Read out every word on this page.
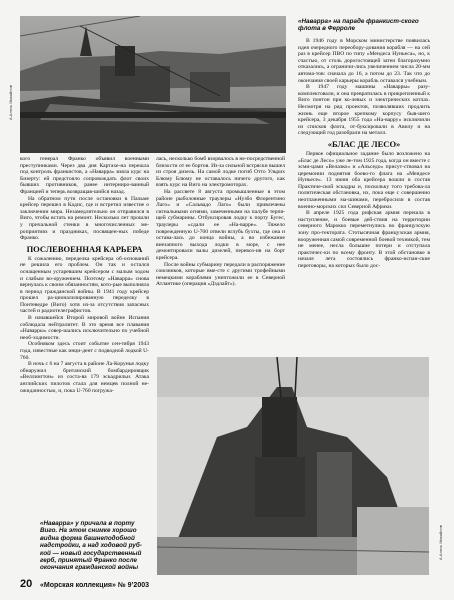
А.Алесь Михайлов
«Наварра» на параде франкист-ского флота в Ферроле

кого генерал Франко объявил военными преступниками. Через два дня Картахе-на перешла под контроль франкистов, а «Наварра» взяла курс на Бизерту: ей предстояло сопровождать флот своих бывших противников, ранее интерниро-ванный Францией и теперь возвращав-шийся назад.

На обратном пути после остановки в Пальме крейсер перешел в Кадис, где и встретил известие о заключении мира. Незамедлительно он отправился в Виго, чтобы встать на ремонт. Несколько лет прошли у причальной стенки в многочисленных ме-роприятиях и праздниках, посвящен-ных победе Франко.

ПОСЛЕВОЕННАЯ КАРЬЕРА

К сожалению, переделка крейсера об-оснований не решила его проблем. Он так и остался оснащенным устаревшим крейсером с малым ходом и слабым во-оружением. Поэтому «Наварра» снова вернулась к своим обязанностям, кото-рые выполняла в период гражданской войны. В 1941 году крейсер прошел ра-ционализированную переделку в Понтеведре (Виго) хотя из-за отсутствия запасных частей и радиотелеграфистов.

В начавшейся Второй мировой войне Испания соблюдала нейтралитет. В это время все плавания «Наварры» совер-шались исключительно по учебной необ-ходимости.

Особняком здесь стоит событие сен-тября 1943 года, известные как инци-дент с подводной лодкой U-760.

В ночь с 6 на 7 августа в районе Ла-Корунья лодку обнаружил британский бомбардировщик «Веллингтон» из соста-ва 179 эскадрильи. Атака английских пилотов стала для немцев полной не-ожиданностью, и, пока U-760 погружа-

лась, несколько бомб взорвалось в не-посредственной близости от ее бортов. Из-за сильной встряски вышел из строя дизель. На самой лодке погиб Отто Ульрих Блюму Блюму не оставалось ничего другого, как взять курс на Виго на электромоторах.

На рассвете 8 августа промышленные в этом районе рыболовные траулеры «Нузбо Флорентино Лаго» и «Сальвадо Лаго» были привлечены сигнальными огнями, замеченными на палубе терпя-щей субмарины. Отбуксировав лодку к порту Бугес, траулеры «сдали ее «На-варре». Тяжело поврежденную U-760 отвели вглубь бухты, где она и остава-лась до конца войны, а во избежание внезапного выхода лодки в море, с нее демонтировали валы дизелей, перевоз-ив на борт крейсера.

После войны субмарину передали в распоряжение союзников, которые вме-сте с другими трофейными немецкими кораблями уничтожили ее в Северной Атлантике (операция «Дэдлайт»).

В 1946 году в Морском министерстве появилась идея очередного переобору-дования корабля — на сей раз в крейсер ПВО по типу «Мендеса Нуньеса», но, к счастью, от столь дорогостоящей затеи благоразумно отказались, а ограничи-лись увеличением числа 20-мм автома-тов: сначала до 16, а потом до 23. Так что до окончания своей карьеры корабль оставался учебным.

В 1947 году машины «Наварры» разу-комплектовали, и она превратилась в прикрепленный к Виго понтон при ко-левых и электрических котлах. Несмотря на ряд проектов, позволявших продлить жизнь еще второе крепкому корпусу быв-шего крейсера, 3 декабря 1955 года «На-варру» исключили из списков флота, от-буксировали в Авилу и на следующий год разобрали на металл.

«БЛАС ДЕ ЛЕСО»

Первое официальное задание было возложено на «Блас де Лесо» уже ле-том 1925 года, когда он вместе с эсми-цами «Велазко» и «Альседо» присут-ствовал на церемонии поднятия боево-го флага на «Мендесе Нуньесе». 13 июня оба крейсера вошли в состав Практиче-ской эскадры и, поскольку того требова-ла политическая обстановка, их, пока еще с совершенно неотлаженными ма-шинами, перебросили в состав военно-морских сил Северной Африки.

В апреле 1925 года рифская армия перешла в наступление, и боевые дей-ствия на территории северного Марокко переметнулись во французскую зону про-тектората. Стотысячная французская армия, вооруженная самой современной боевой техникой, тем не менее, несла большие потери и отступала практичес-ки по всему фронту. В этой обстановке в начале лета состоялись франко-испан-ские переговоры, на которых было дос-

А.Алесь Михайлов
«Наварра» у причала в порту Виго. На этом снимке хорошо видна форма башнеподобной надстройки, а над ходовой руб-кой — новый государственный герб, принятый Франко после окончания гражданской войны
20 «Морская коллекция» № 9’2003
